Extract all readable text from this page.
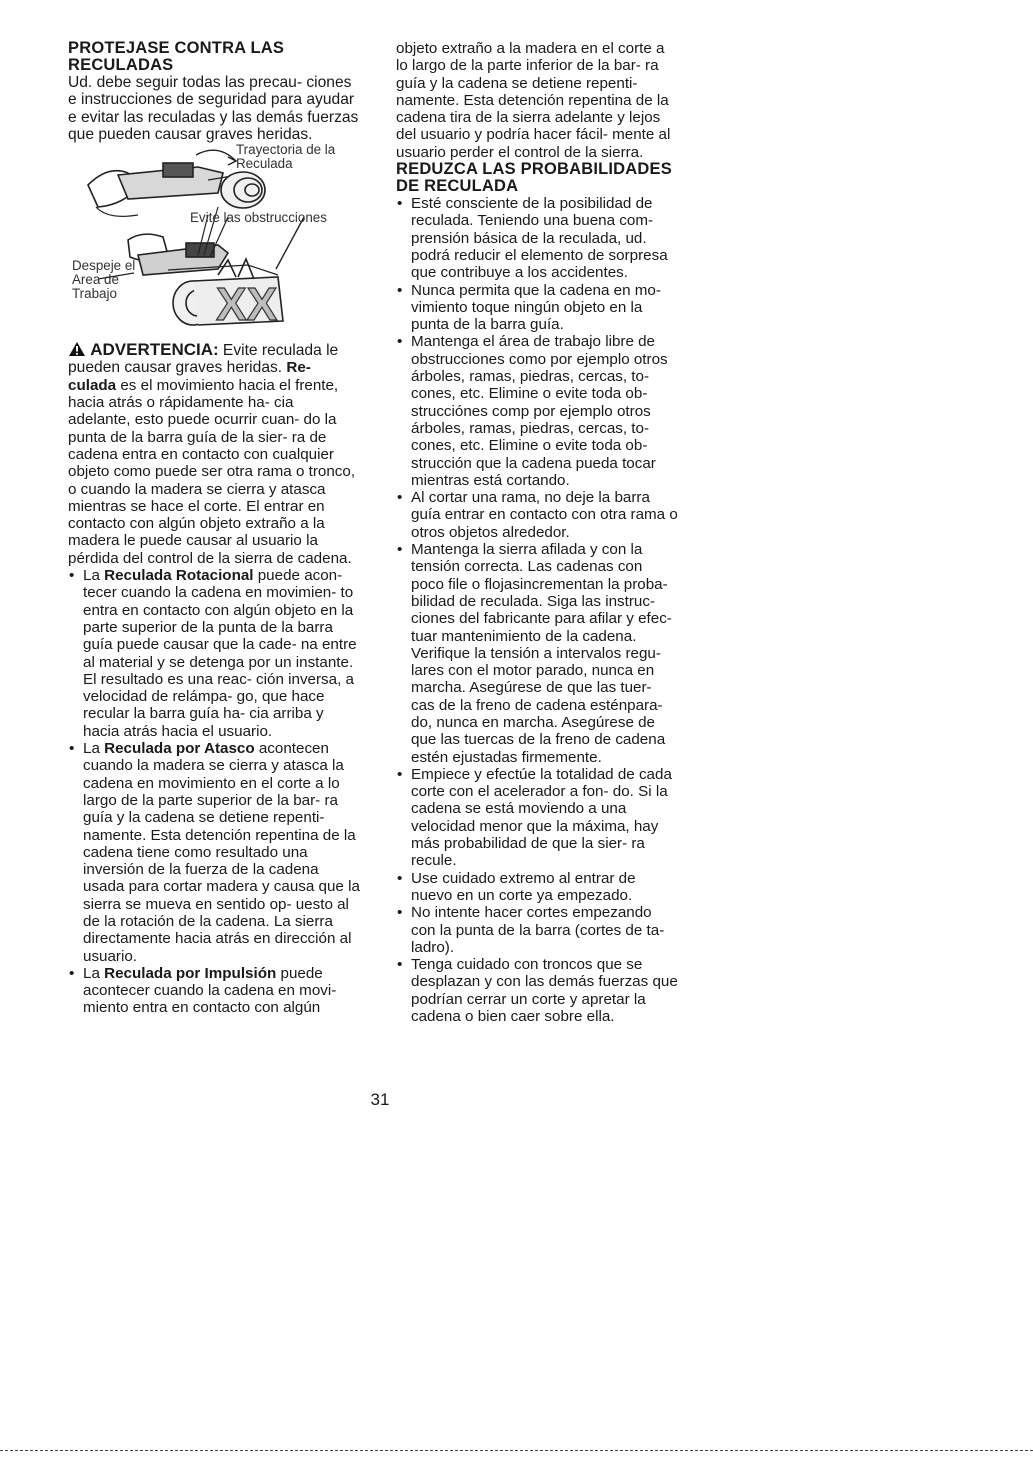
PROTEJASE CONTRA LAS RECULADAS

Ud. debe seguir todas las precau- ciones e instrucciones de seguridad para ayudar e evitar las reculadas y las demás fuerzas que pueden causar graves heridas.

XX
Trayectoria de la Reculada
Evite las obstrucciones
Despeje el Area de Trabajo

ADVERTENCIA: Evite reculada le pueden causar graves heridas. Re- culada es el movimiento hacia el frente, hacia atrás o rápidamente ha- cia adelante, esto puede ocurrir cuan- do la punta de la barra guía de la sier- ra de cadena entra en contacto con cualquier objeto como puede ser otra rama o tronco, o cuando la madera se cierra y atasca mientras se hace el corte. El entrar en contacto con algún objeto extraño a la madera le puede causar al usuario la pérdida del control de la sierra de cadena.

• La Reculada Rotacional puede acon- tecer cuando la cadena en movimien- to entra en contacto con algún objeto en la parte superior de la punta de la barra guía puede causar que la cade- na entre al material y se detenga por un instante. El resultado es una reac- ción inversa, a velocidad de relámpa- go, que hace recular la barra guía ha- cia arriba y hacia atrás hacia el usuario.
• La Reculada por Atasco acontecen cuando la madera se cierra y atasca la cadena en movimiento en el corte a lo largo de la parte superior de la bar- ra guía y la cadena se detiene repenti- namente. Esta detención repentina de la cadena tiene como resultado una inversión de la fuerza de la cadena usada para cortar madera y causa que la sierra se mueva en sentido op- uesto al de la rotación de la cadena. La sierra directamente hacia atrás en dirección al usuario.
• La Reculada por Impulsión puede acontecer cuando la cadena en movi- miento entra en contacto con algún

objeto extraño a la madera en el corte a lo largo de la parte inferior de la bar- ra guía y la cadena se detiene repenti- namente. Esta detención repentina de la cadena tira de la sierra adelante y lejos del usuario y podría hacer fácil- mente al usuario perder el control de la sierra.

REDUZCA LAS PROBABILIDADES DE RECULADA
• Esté consciente de la posibilidad de reculada. Teniendo una buena com- prensión básica de la reculada, ud. podrá reducir el elemento de sorpresa que contribuye a los accidentes.
• Nunca permita que la cadena en mo- vimiento toque ningún objeto en la punta de la barra guía.
• Mantenga el área de trabajo libre de obstrucciones como por ejemplo otros árboles, ramas, piedras, cercas, to- cones, etc. Elimine o evite toda ob- strucciónes comp por ejemplo otros árboles, ramas, piedras, cercas, to- cones, etc. Elimine o evite toda ob- strucción que la cadena pueda tocar mientras está cortando.
• Al cortar una rama, no deje la barra guía entrar en contacto con otra rama o otros objetos alrededor.
• Mantenga la sierra afilada y con la tensión correcta. Las cadenas con poco file o flojasincrementan la proba- bilidad de reculada. Siga las instruc- ciones del fabricante para afilar y efec- tuar mantenimiento de la cadena. Verifique la tensión a intervalos regu- lares con el motor parado, nunca en marcha. Asegúrese de que las tuer- cas de la freno de cadena esténpara- do, nunca en marcha. Asegúrese de que las tuercas de la freno de cadena estén ejustadas firmemente.
• Empiece y efectúe la totalidad de cada corte con el acelerador a fon- do. Si la cadena se está moviendo a una velocidad menor que la máxima, hay más probabilidad de que la sier- ra recule.
• Use cuidado extremo al entrar de nuevo en un corte ya empezado.
• No intente hacer cortes empezando con la punta de la barra (cortes de ta- ladro).
• Tenga cuidado con troncos que se desplazan y con las demás fuerzas que podrían cerrar un corte y apretar la cadena o bien caer sobre ella.
31
